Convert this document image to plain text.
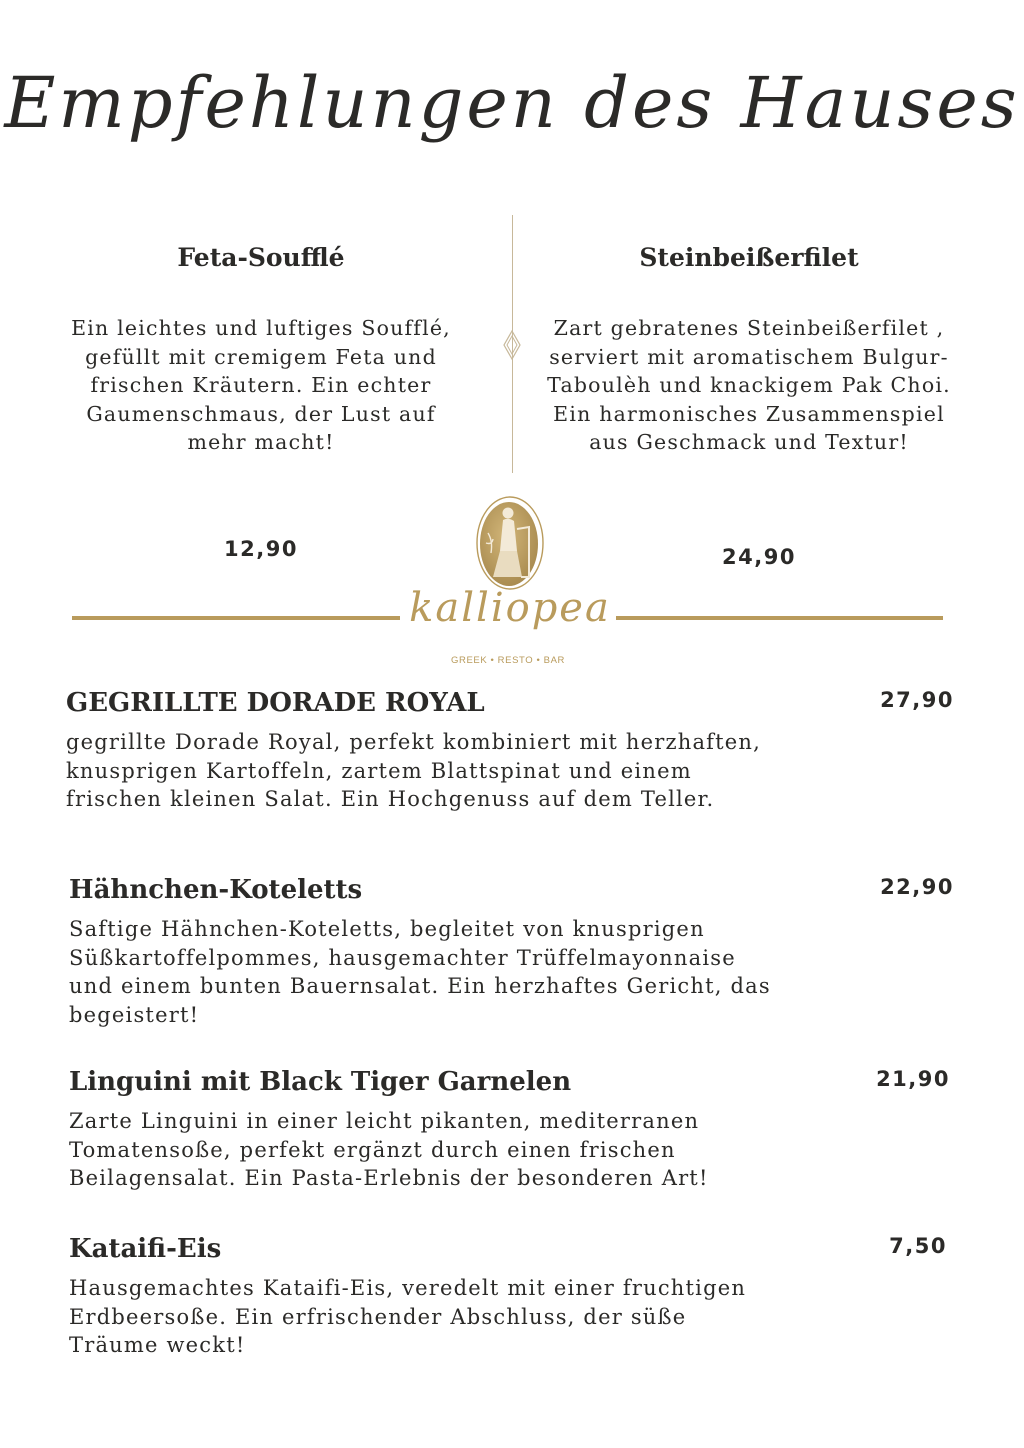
Empfehlungen des Hauses
Feta-Soufflé

Ein leichtes und luftiges Soufflé, gefüllt mit cremigem Feta und frischen Kräutern. Ein echter Gaumenschmaus, der Lust auf mehr macht!

12,90
Steinbeißerfilet

Zart gebratenes Steinbeißerfilet , serviert mit aromatischem Bulgur-Taboulèh und knackigem Pak Choi. Ein harmonisches Zusammenspiel aus Geschmack und Textur!

24,90
kalliopea
GREEK • RESTO • BAR
GEGRILLTE DORADE ROYAL

gegrillte Dorade Royal, perfekt kombiniert mit herzhaften, knusprigen Kartoffeln, zartem Blattspinat und einem frischen kleinen Salat. Ein Hochgenuss auf dem Teller.

27,90
Hähnchen-Koteletts

Saftige Hähnchen-Koteletts, begleitet von knusprigen Süßkartoffelpommes, hausgemachter Trüffelmayonnaise und einem bunten Bauernsalat. Ein herzhaftes Gericht, das begeistert!

22,90
Linguini mit Black Tiger Garnelen

Zarte Linguini in einer leicht pikanten, mediterranen Tomatensoße, perfekt ergänzt durch einen frischen Beilagensalat. Ein Pasta-Erlebnis der besonderen Art!

21,90
Kataifi-Eis

Hausgemachtes Kataifi-Eis, veredelt mit einer fruchtigen Erdbeersoße. Ein erfrischender Abschluss, der süße Träume weckt!

7,50
